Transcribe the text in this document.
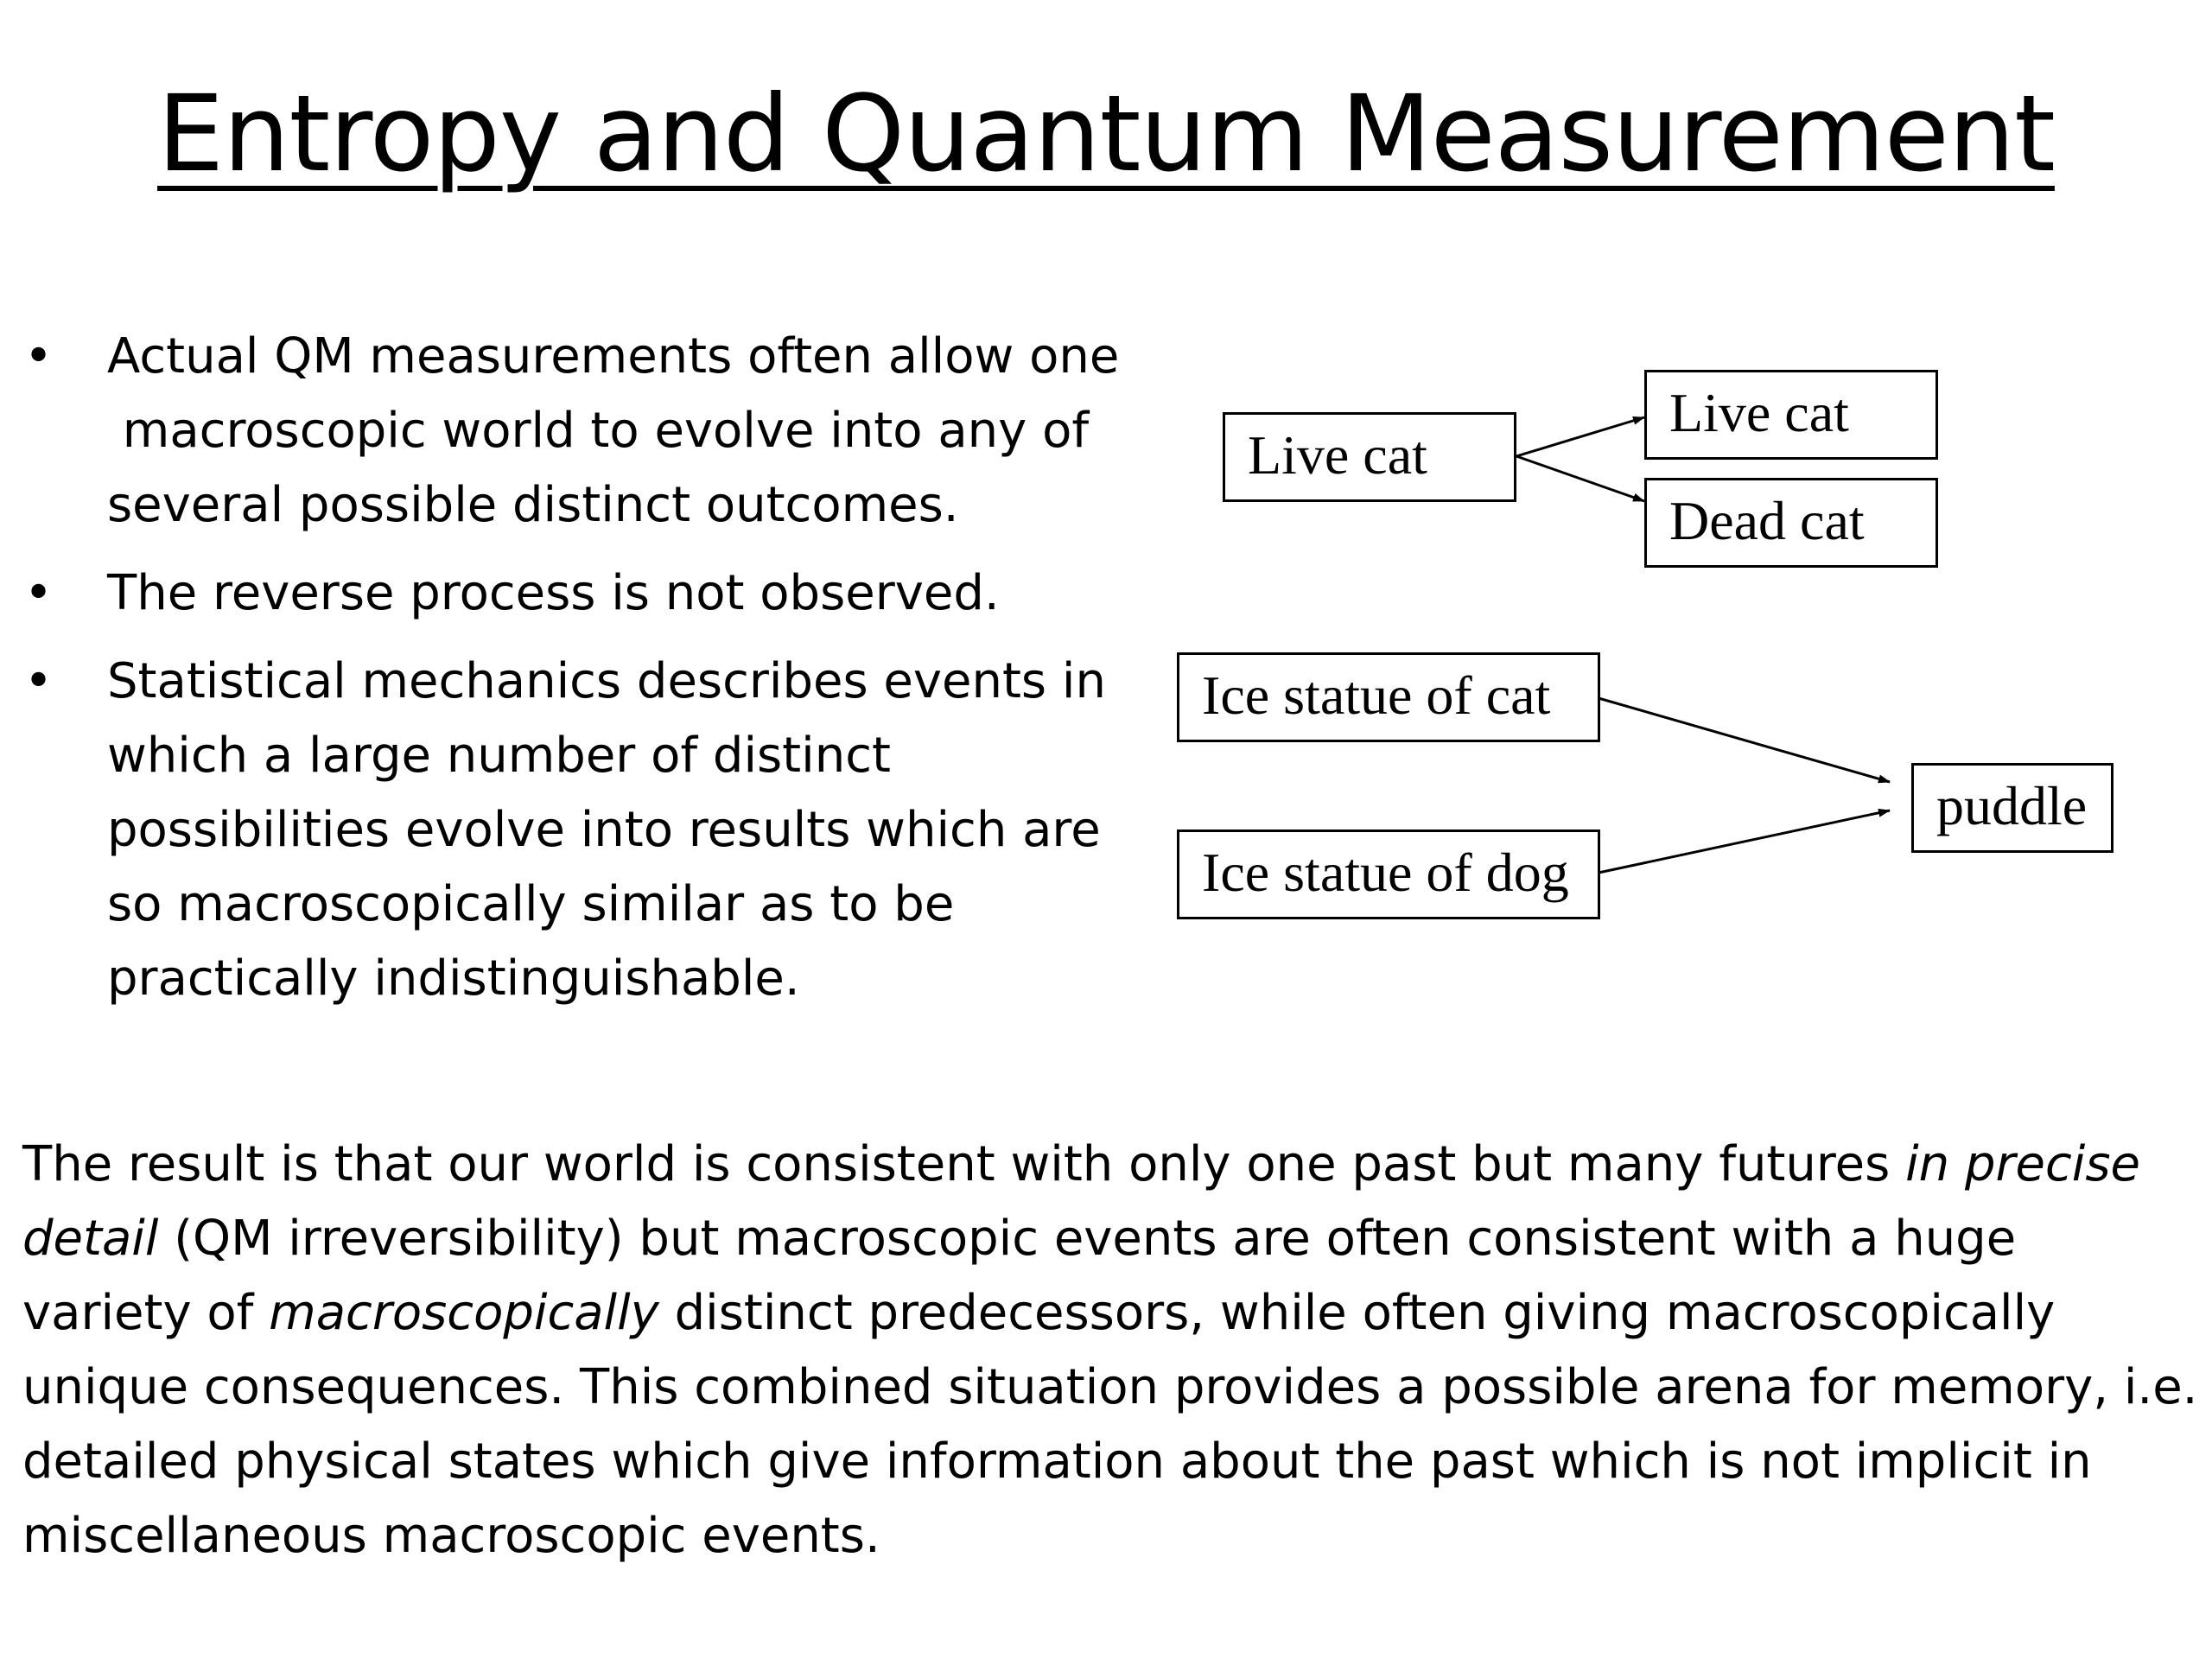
Entropy and Quantum Measurement
• Actual QM measurements often allow one
macroscopic world to evolve into any of
several possible distinct outcomes.
• The reverse process is not observed.
• Statistical mechanics describes events in
which a large number of distinct
possibilities evolve into results which are
so macroscopically similar as to be
practically indistinguishable.
Live cat
Live cat
Dead cat
Ice statue of cat
Ice statue of dog
puddle

The result is that our world is consistent with only one past but many futures in precise detail (QM irreversibility) but macroscopic events are often consistent with a huge variety of macroscopically distinct predecessors, while often giving macroscopically unique consequences. This combined situation provides a possible arena for memory, i.e. detailed physical states which give information about the past which is not implicit in miscellaneous macroscopic events.
